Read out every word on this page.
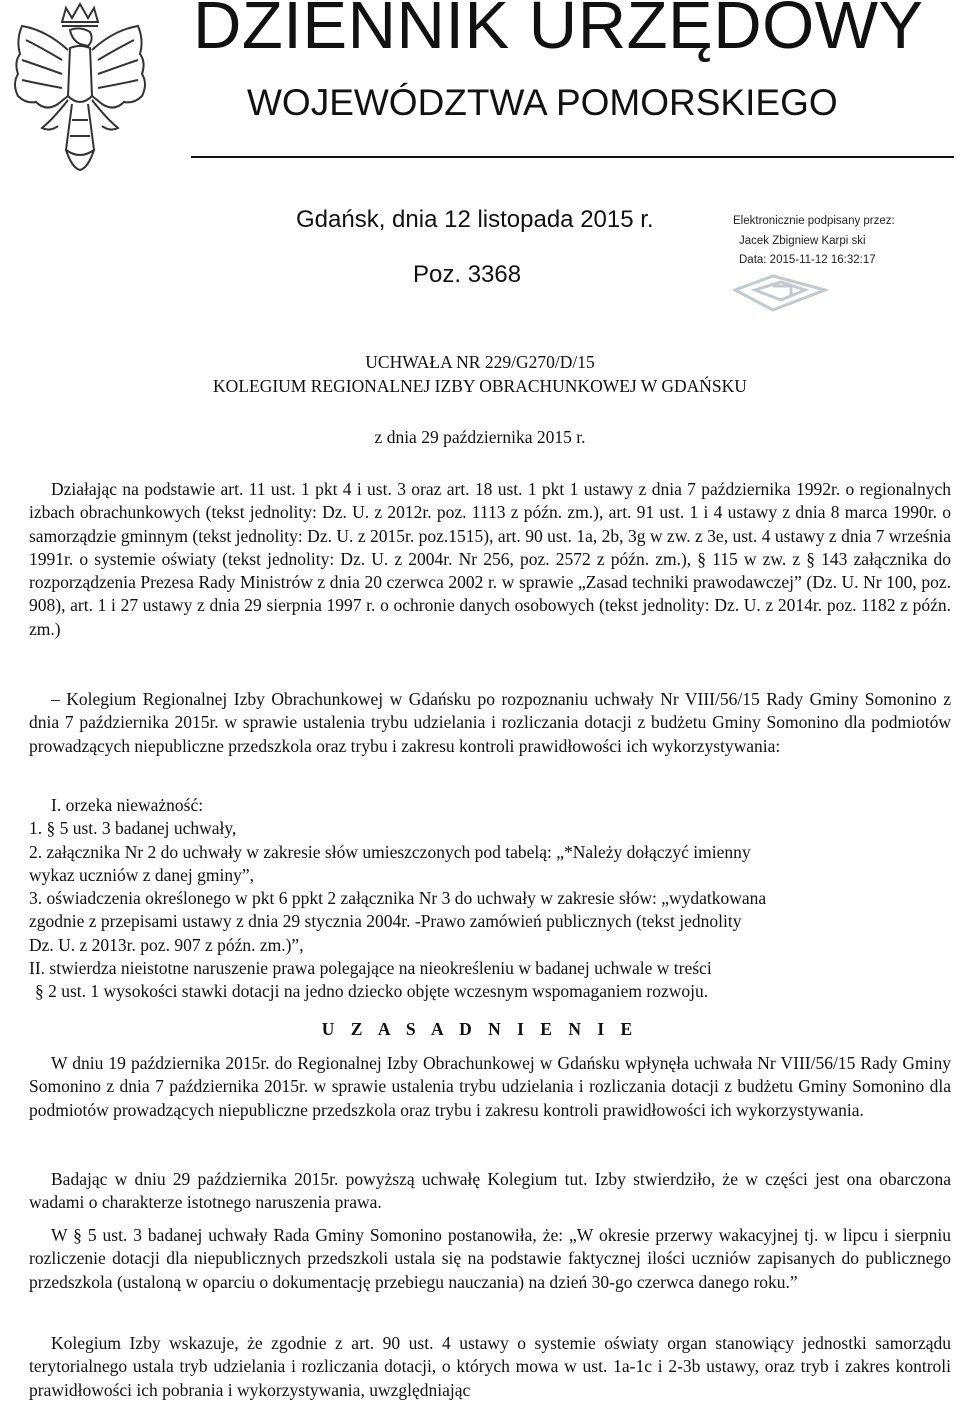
DZIENNIK URZĘDOWY
WOJEWÓDZTWA POMORSKIEGO
Gdańsk, dnia 12 listopada 2015 r.
Poz. 3368
Elektronicznie podpisany przez:
Jacek Zbigniew Karpi ski
Data: 2015-11-12 16:32:17
UCHWAŁA NR 229/G270/D/15
KOLEGIUM REGIONALNEJ IZBY OBRACHUNKOWEJ W GDAŃSKU
z dnia 29 października 2015 r.
Działając na podstawie art. 11 ust. 1 pkt 4 i ust. 3 oraz art. 18 ust. 1 pkt 1 ustawy z dnia 7 października 1992r. o regionalnych izbach obrachunkowych (tekst jednolity: Dz. U. z 2012r. poz. 1113 z późn. zm.), art. 91 ust. 1 i 4 ustawy z dnia 8 marca 1990r. o samorządzie gminnym (tekst jednolity: Dz. U. z 2015r. poz.1515), art. 90 ust. 1a, 2b, 3g w zw. z 3e, ust. 4 ustawy z dnia 7 września 1991r. o systemie oświaty (tekst jednolity: Dz. U. z 2004r. Nr 256, poz. 2572 z późn. zm.), § 115 w zw. z § 143 załącznika do rozporządzenia Prezesa Rady Ministrów z dnia 20 czerwca 2002 r. w sprawie „Zasad techniki prawodawczej” (Dz. U. Nr 100, poz. 908), art. 1 i 27 ustawy z dnia 29 sierpnia 1997 r. o ochronie danych osobowych (tekst jednolity: Dz. U. z 2014r. poz. 1182 z późn. zm.)
– Kolegium Regionalnej Izby Obrachunkowej w Gdańsku po rozpoznaniu uchwały Nr VIII/56/15 Rady Gminy Somonino z dnia 7 października 2015r. w sprawie ustalenia trybu udzielania i rozliczania dotacji z budżetu Gminy Somonino dla podmiotów prowadzących niepubliczne przedszkola oraz trybu i zakresu kontroli prawidłowości ich wykorzystywania:
I. orzeka nieważność:
1. § 5 ust. 3 badanej uchwały,
2. załącznika Nr 2 do uchwały w zakresie słów umieszczonych pod tabelą: „*Należy dołączyć imienny
wykaz uczniów z danej gminy”,
3. oświadczenia określonego w pkt 6 ppkt 2 załącznika Nr 3 do uchwały w zakresie słów: „wydatkowana
zgodnie z przepisami ustawy z dnia 29 stycznia 2004r. -Prawo zamówień publicznych (tekst jednolity
Dz. U. z 2013r. poz. 907 z późn. zm.)”,
II. stwierdza nieistotne naruszenie prawa polegające na nieokreśleniu w badanej uchwale w treści
§ 2 ust. 1 wysokości stawki dotacji na jedno dziecko objęte wczesnym wspomaganiem rozwoju.
U Z A S A D N I E N I E
W dniu 19 października 2015r. do Regionalnej Izby Obrachunkowej w Gdańsku wpłynęła uchwała Nr VIII/56/15 Rady Gminy Somonino z dnia 7 października 2015r. w sprawie ustalenia trybu udzielania i rozliczania dotacji z budżetu Gminy Somonino dla podmiotów prowadzących niepubliczne przedszkola oraz trybu i zakresu kontroli prawidłowości ich wykorzystywania.
Badając w dniu 29 października 2015r. powyższą uchwałę Kolegium tut. Izby stwierdziło, że w części jest ona obarczona wadami o charakterze istotnego naruszenia prawa.
W § 5 ust. 3 badanej uchwały Rada Gminy Somonino postanowiła, że: „W okresie przerwy wakacyjnej tj. w lipcu i sierpniu rozliczenie dotacji dla niepublicznych przedszkoli ustala się na podstawie faktycznej ilości uczniów zapisanych do publicznego przedszkola (ustaloną w oparciu o dokumentację przebiegu nauczania) na dzień 30-go czerwca danego roku.”
Kolegium Izby wskazuje, że zgodnie z art. 90 ust. 4 ustawy o systemie oświaty organ stanowiący jednostki samorządu terytorialnego ustala tryb udzielania i rozliczania dotacji, o których mowa w ust. 1a-1c i 2-3b ustawy, oraz tryb i zakres kontroli prawidłowości ich pobrania i wykorzystywania, uwzględniając
